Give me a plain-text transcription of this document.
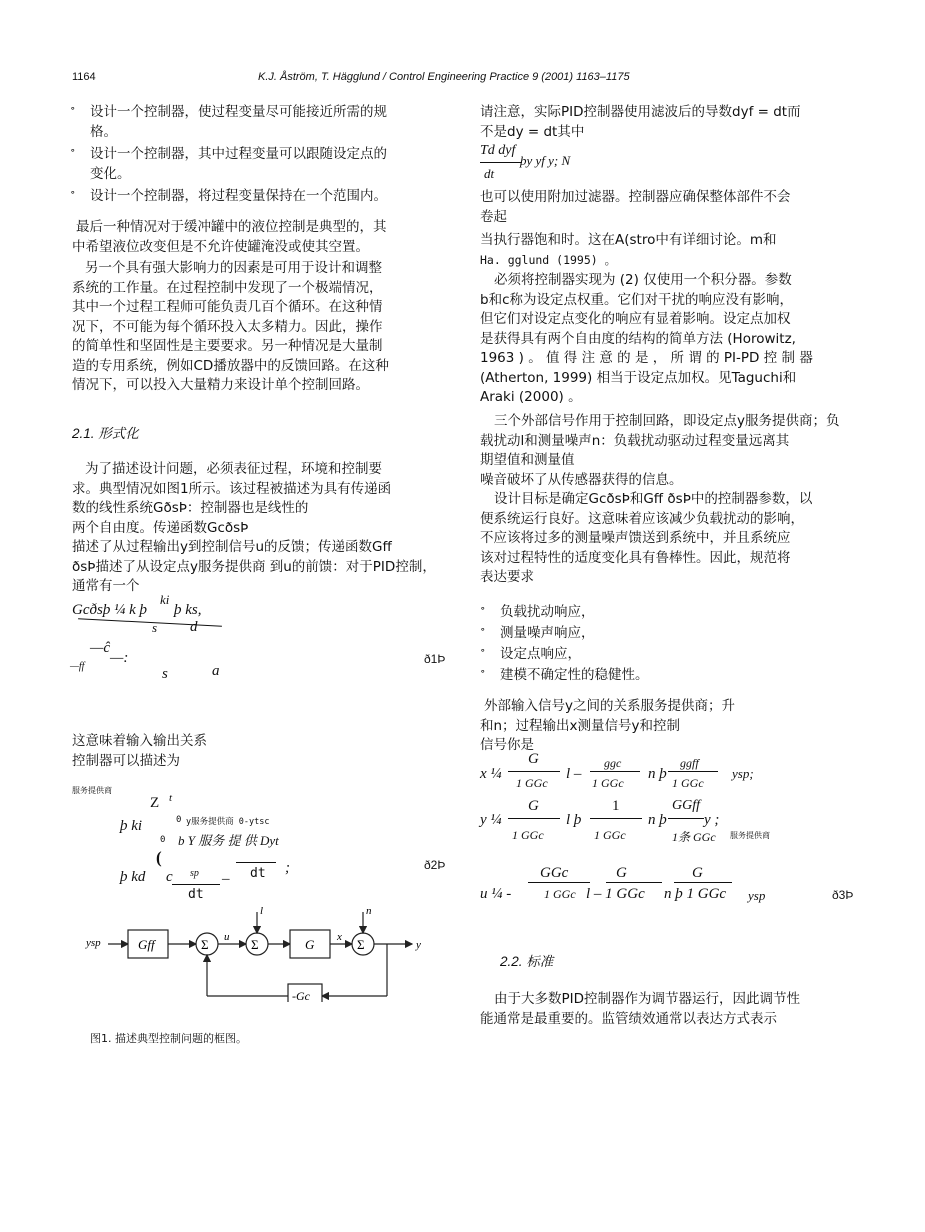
1164	K.J. Åström, T. Hägglund / Control Engineering Practice 9 (2001) 1163–1175
˚ 设计一个控制器，使过程变量尽可能接近所需的规
格。
˚ 设计一个控制器，其中过程变量可以跟随设定点的
变化。
˚ 设计一个控制器，将过程变量保持在一个范围内。
最后一种情况对于缓冲罐中的液位控制是典型的，其
中希望液位改变但是不允许使罐淹没或使其空置。
另一个具有强大影响力的因素是可用于设计和调整
系统的工作量。在过程控制中发现了一个极端情况，
其中一个过程工程师可能负责几百个循环。在这种情
况下，不可能为每个循环投入太多精力。因此，操作
的简单性和坚固性是主要要求。另一种情况是大量制
造的专用系统，例如CD播放器中的反馈回路。在这种
情况下，可以投入大量精力来设计单个控制回路。
2.1. 形式化
为了描述设计问题，必须表征过程，环境和控制要
求。典型情况如图1所示。该过程被描述为具有传递函
数的线性系统GðsÞ：控制器也是线性的
两个自由度。传递函数GcðsÞ
描述了从过程输出y到控制信号u的反馈；传递函数Gff
ðsÞ描述了从设定点y服务提供商 到u的前馈：对于PID控制，
通常有一个
Gcðsþ ¼ k þ
ki
s
þ ks,
d
—ĉ
—ff
—:
s	a
ð1Þ
这意味着输入输出关系
控制器可以描述为
服务提供商
Z t
þ ki	0 y服务提供商 0-ytsc
0 b Y 服务 提 供 Dyt
(
þ kd c sp –
dt
dt ;	ð2Þ
ysp	Gff	Σ u
l
Σ	G x
n
Σ	y
-Gc
图1. 描述典型控制问题的框图。
请注意，实际PID控制器使用滤波后的导数dyf = dt而
不是dy = dt其中
Td dyf
þy yf y; N
dt
也可以使用附加过滤器。控制器应确保整体部件不会
卷起
当执行器饱和时。这在A(stro中有详细讨论。m和
Ha. gglund (1995) 。
必须将控制器实现为 (2) 仅使用一个积分器。参数
b和c称为设定点权重。它们对干扰的响应没有影响，
但它们对设定点变化的响应有显着影响。设定点加权
是获得具有两个自由度的结构的简单方法 (Horowitz,
1963 ) 。 值 得 注 意 的 是 ， 所 谓 的 PI-PD 控 制 器
(Atherton, 1999) 相当于设定点加权。见Taguchi和
Araki (2000) 。
三个外部信号作用于控制回路，即设定点y服务提供商；负
载扰动l和测量噪声n：负载扰动驱动过程变量远离其
期望值和测量值
噪音破坏了从传感器获得的信息。
设计目标是确定GcðsÞ和Gff ðsÞ中的控制器参数，以
便系统运行良好。这意味着应该减少负载扰动的影响，
不应该将过多的测量噪声馈送到系统中，并且系统应
该对过程特性的适度变化具有鲁棒性。因此，规范将
表达要求
˚ 负载扰动响应，
˚ 测量噪声响应，
˚ 设定点响应，
˚ 建模不确定性的稳健性。
外部输入信号y之间的关系服务提供商；升
和n；过程输出x测量信号y和控制
信号你是
x ¼
G
1 GGc
l –
ggc
1 GGc
n þ
ggff
1 GGc
ysp;
y ¼
G
1 GGc
l þ
1
1 GGc
n þ
GGff
1条 GGc
y ;
服务提供商
u ¼ -
GGc
1 GGc l – 1 GGc
G
n þ 1 GGc
G
ysp	ð3Þ
2.2. 标准
由于大多数PID控制器作为调节器运行，因此调节性
能通常是最重要的。监管绩效通常以表达方式表示
